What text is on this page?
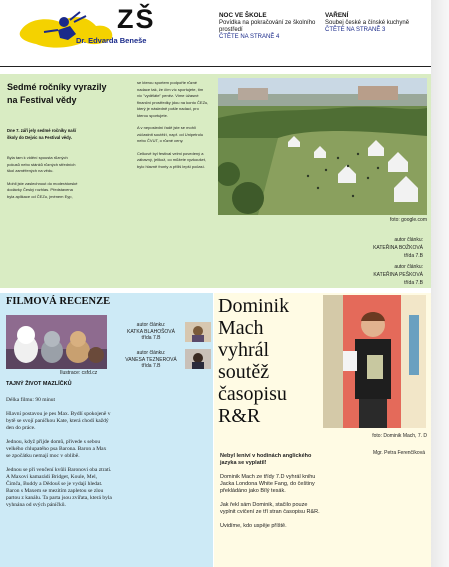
ZŠ
Dr. Edvarda Beneše
NOC VE ŠKOLE
Povídka na pokračování ze školního prostředí
ČTĚTE NA STRANĚ 4
VAŘENÍ
Soubej české a čínské kuchyně
ČTĚTE NA STRANĚ 3
Sedmé ročníky vyrazily na Festival vědy
Dne 7. září jely sedmé ročníky naší školy do Dejvic na Festival vědy.

Byla tam k vidění spousta různých pokusů nebo stánků různých středních škol zaměřených na vědu.

Mohli jste zaslechnout do moderátorské dodávky Český rozhlas. Představena byla aplikace od ČEZu, jménem Eyp,

se kterou sportem podpořte různé nadace tak, že čím víc sportujete, tím víc "vyděláte" peněz. Víme úžasné finanční prostředky jdou na konto ČEZu, který je následně pošle nadaci, pro kterou sportujete.

A v neposlední řadě jste se mohli zúčastnit soutěží, např. od Unipetrolu nebo ČVUT, o různé ceny.

Celkově byl festival velmi povedený a zábavný, jelikož, co můžete vyzkoušet, bylo hlavně fronty a příliš lepší počasí.

foto: google.com
autor článku:
KATEŘINA BOŽKOVÁ
třída 7.B
autor článku:
KATEŘINA PEŠKOVÁ
třída 7.B
FILMOVÁ RECENZE
Ilustrace: csfd.cz
autor článku:
KATKA BLAHOŠOVÁ
třída 7.B
autor článku:
VANESA TEZNEROVÁ
třída 7.B
TAJNÝ ŽIVOT MAZLÍČKŮ

Délka filmu: 90 minut

Hlavní postavou je pes Max. Bydlí spokojeně v bytě se svojí paníčkou Kate, která chodí každý den do práce.

Jednou, když přijde domů, přivede s sebou velkého chlupatého psa Barona. Baron a Max se zpočátku nemají moc v oblibě.

Jednou se při venčení kvůli Baronovi oba ztratí. A Maxovi kamarádi Bridget, Koule, Mel, Čimča, Buddy a Dědouš se je vydají hledat. Baron s Maxem se mezitím zapletou se zlou partou z kanálu. Ta parta jsou zvířata, která byla vyhnána od svých páníčků.

Dominik Mach vyhrál soutěž časopisu R&R
foto: Dominik Mach, 7. D
Mgr. Petra Ferenčíková

Nebyl leniví v hodinách anglického jazyka se vyplatil!

Dominik Mach ze třídy 7.D vyhrál knihu Jacka Londona White Fang, do češtiny překládáno jako Bílý tesák.

Jak řekl sám Dominik, stačilo pouze vyplnit cvičení ze tří stran časopisu R&R.

Uvidíme, kdo uspěje příště.
